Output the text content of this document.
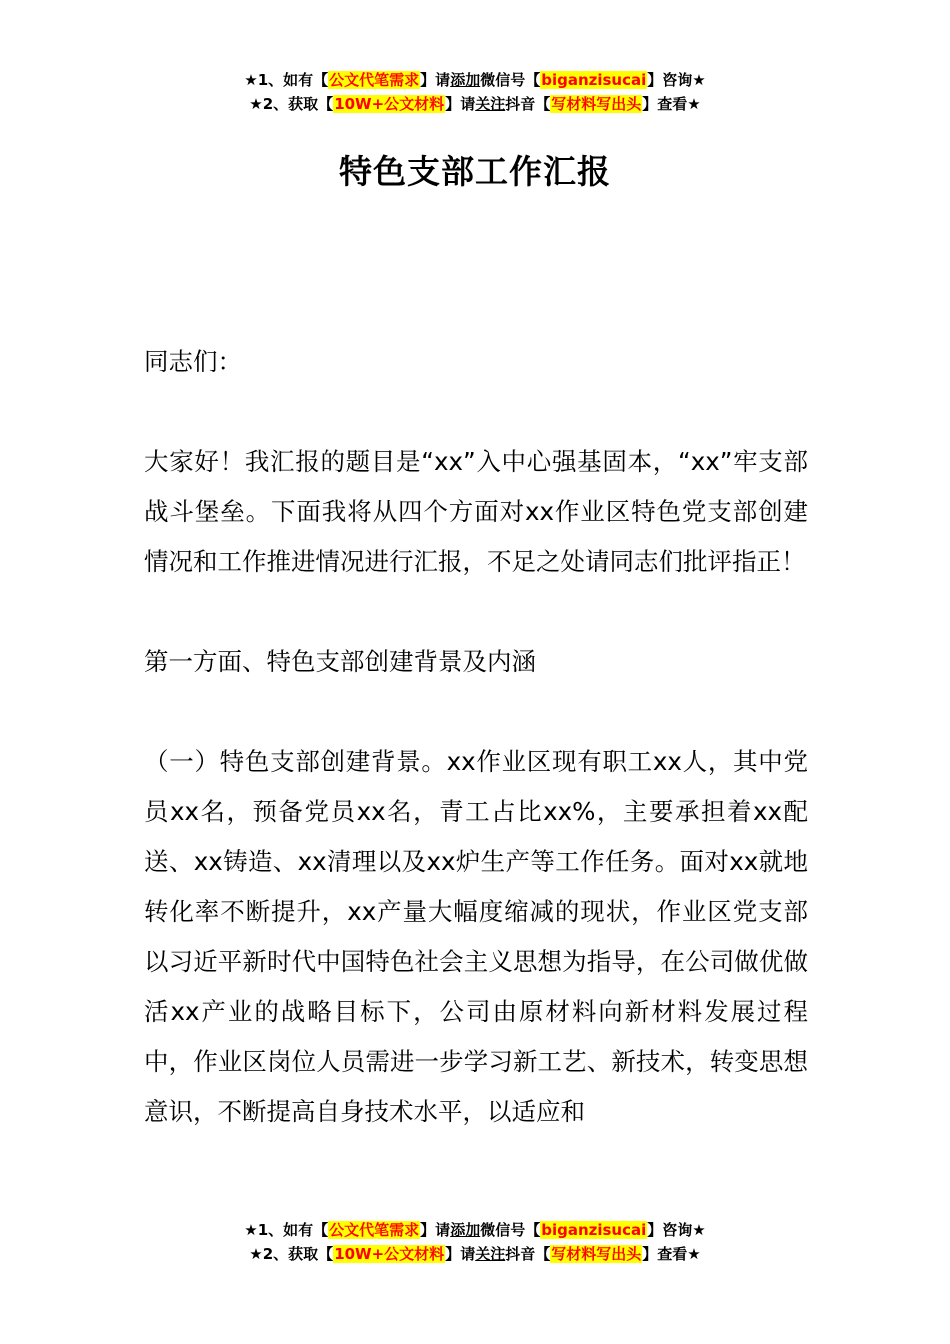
★1、如有【公文代笔需求】请添加微信号【biganzisucai】咨询★
★2、获取【10W+公文材料】请关注抖音【写材料写出头】查看★
特色支部工作汇报

同志们：

大家好！我汇报的题目是“xx”入中心强基固本，“xx”牢支部战斗堡垒。下面我将从四个方面对xx作业区特色党支部创建情况和工作推进情况进行汇报，不足之处请同志们批评指正！

第一方面、特色支部创建背景及内涵

（一）特色支部创建背景。xx作业区现有职工xx人，其中党员xx名，预备党员xx名，青工占比xx%，主要承担着xx配送、xx铸造、xx清理以及xx炉生产等工作任务。面对xx就地转化率不断提升，xx产量大幅度缩减的现状，作业区党支部以习近平新时代中国特色社会主义思想为指导，在公司做优做活xx产业的战略目标下，公司由原材料向新材料发展过程中，作业区岗位人员需进一步学习新工艺、新技术，转变思想意识，不断提高自身技术水平，以适应和

★1、如有【公文代笔需求】请添加微信号【biganzisucai】咨询★
★2、获取【10W+公文材料】请关注抖音【写材料写出头】查看★
